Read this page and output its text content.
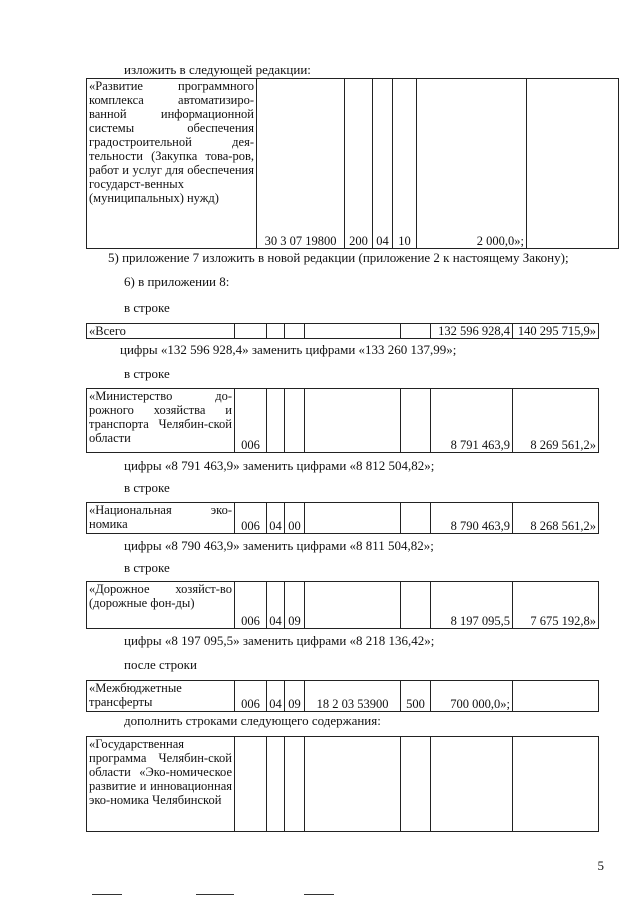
изложить в следующей редакции:
«Развитие программного комплекса автоматизиро-ванной информационной системы обеспечения градостроительной дея-тельности (Закупка това-ров, работ и услуг для обеспечения государст-венных (муниципальных) нужд)	30 3 07 19800	200	04	10	2 000,0»;	
5) приложение 7 изложить в новой редакции (приложение 2 к настоящему Закону);
6) в приложении 8:
в строке
«Всего						132 596 928,4	140 295 715,9»
цифры «132 596 928,4» заменить цифрами «133 260 137,99»;
в строке
«Министерство до-рожного хозяйства и транспорта Челябин-ской области	006					8 791 463,9	8 269 561,2»
цифры «8 791 463,9» заменить цифрами «8 812 504,82»;
в строке
«Национальная эко-номика	006	04	00			8 790 463,9	8 268 561,2»
цифры «8 790 463,9» заменить цифрами «8 811 504,82»;
в строке
«Дорожное хозяйст-во (дорожные фон-ды)	006	04	09			8 197 095,5	7 675 192,8»
цифры «8 197 095,5» заменить цифрами «8 218 136,42»;
после строки
«Межбюджетные трансферты	006	04	09	18 2 03 53900	500	700 000,0»;	
дополнить строками следующего содержания:
«Государственная программа Челябин-ской области «Эко-номическое развитие и инновационная эко-номика Челябинской							
5
